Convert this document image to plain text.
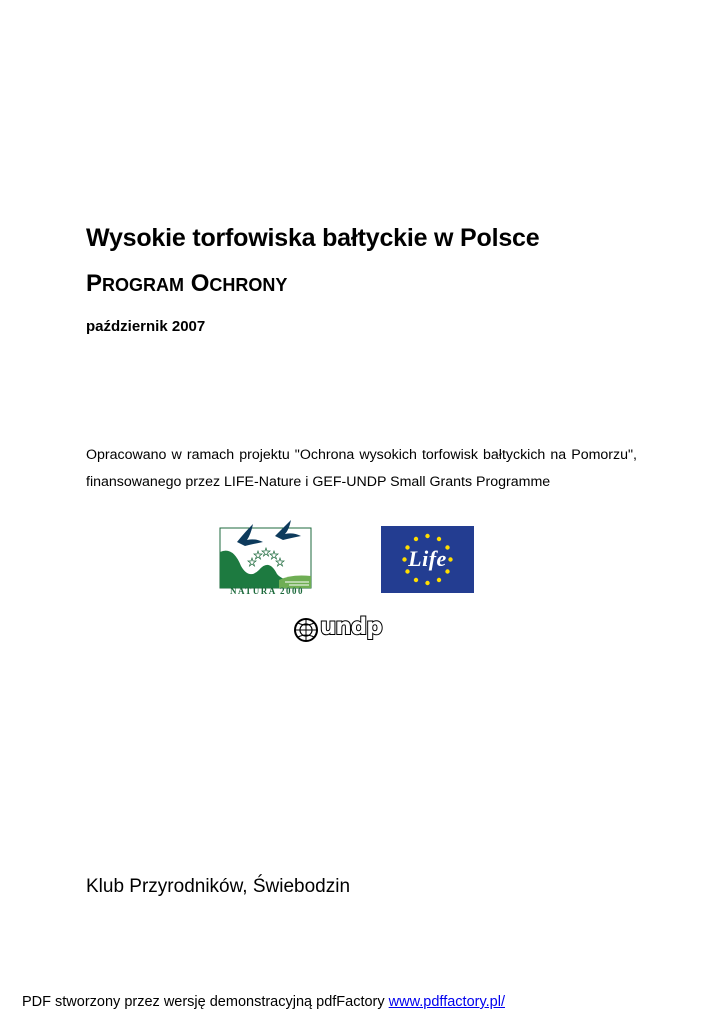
Wysokie torfowiska bałtyckie w Polsce
PROGRAM OCHRONY
październik 2007
Opracowano w ramach projektu "Ochrona wysokich torfowisk bałtyckich na Pomorzu", finansowanego przez LIFE-Nature i GEF-UNDP Small Grants Programme
NATURA 2000
Life
undp
Klub Przyrodników, Świebodzin
PDF stworzony przez wersję demonstracyjną pdfFactory www.pdffactory.pl/
